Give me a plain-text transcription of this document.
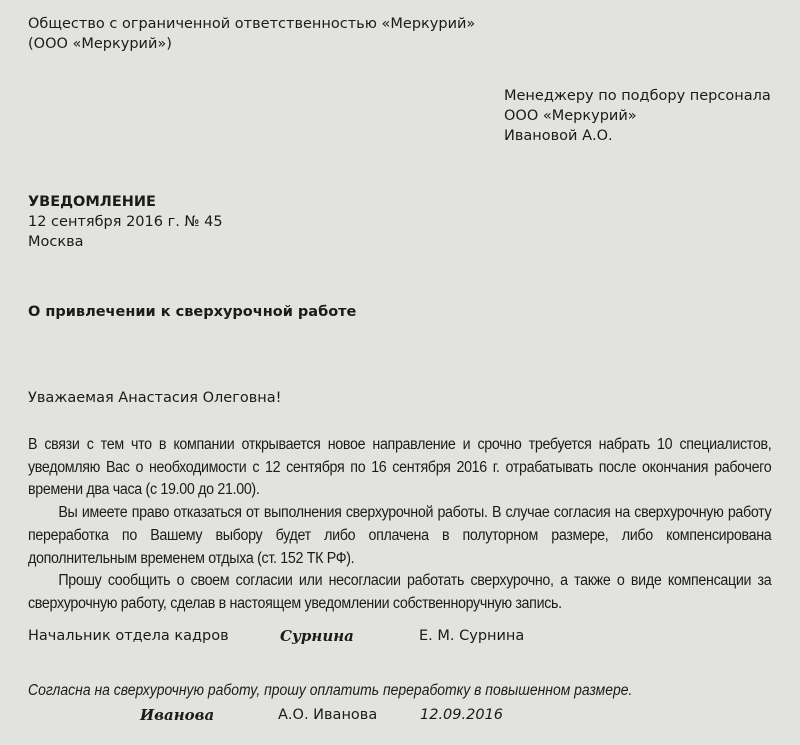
Общество с ограниченной ответственностью «Меркурий»
(ООО «Меркурий»)
Менеджеру по подбору персонала
ООО «Меркурий»
Ивановой А.О.
УВЕДОМЛЕНИЕ
12 сентября 2016 г. № 45
Москва
О привлечении к сверхурочной работе
Уважаемая Анастасия Олеговна!

В связи с тем что в компании открывается новое направление и срочно требуется набрать 10 специалистов, уведомляю Вас о необходимости с 12 сентября по 16 сентября 2016 г. отрабатывать после окончания рабочего времени два часа (с 19.00 до 21.00).

Вы имеете право отказаться от выполнения сверхурочной работы. В случае согласия на сверхурочную работу переработка по Вашему выбору будет либо оплачена в полуторном размере, либо компенсирована дополнительным временем отдыха (ст. 152 ТК РФ).

Прошу сообщить о своем согласии или несогласии работать сверхурочно, а также о виде компенсации за сверхурочную работу, сделав в настоящем уведомлении собственноручную запись.

Начальник отдела кадров	Сурнина	Е. М. Сурнина
Согласна на сверхурочную работу, прошу оплатить переработку в повышенном размере.
Иванова	А.О. Иванова	12.09.2016
